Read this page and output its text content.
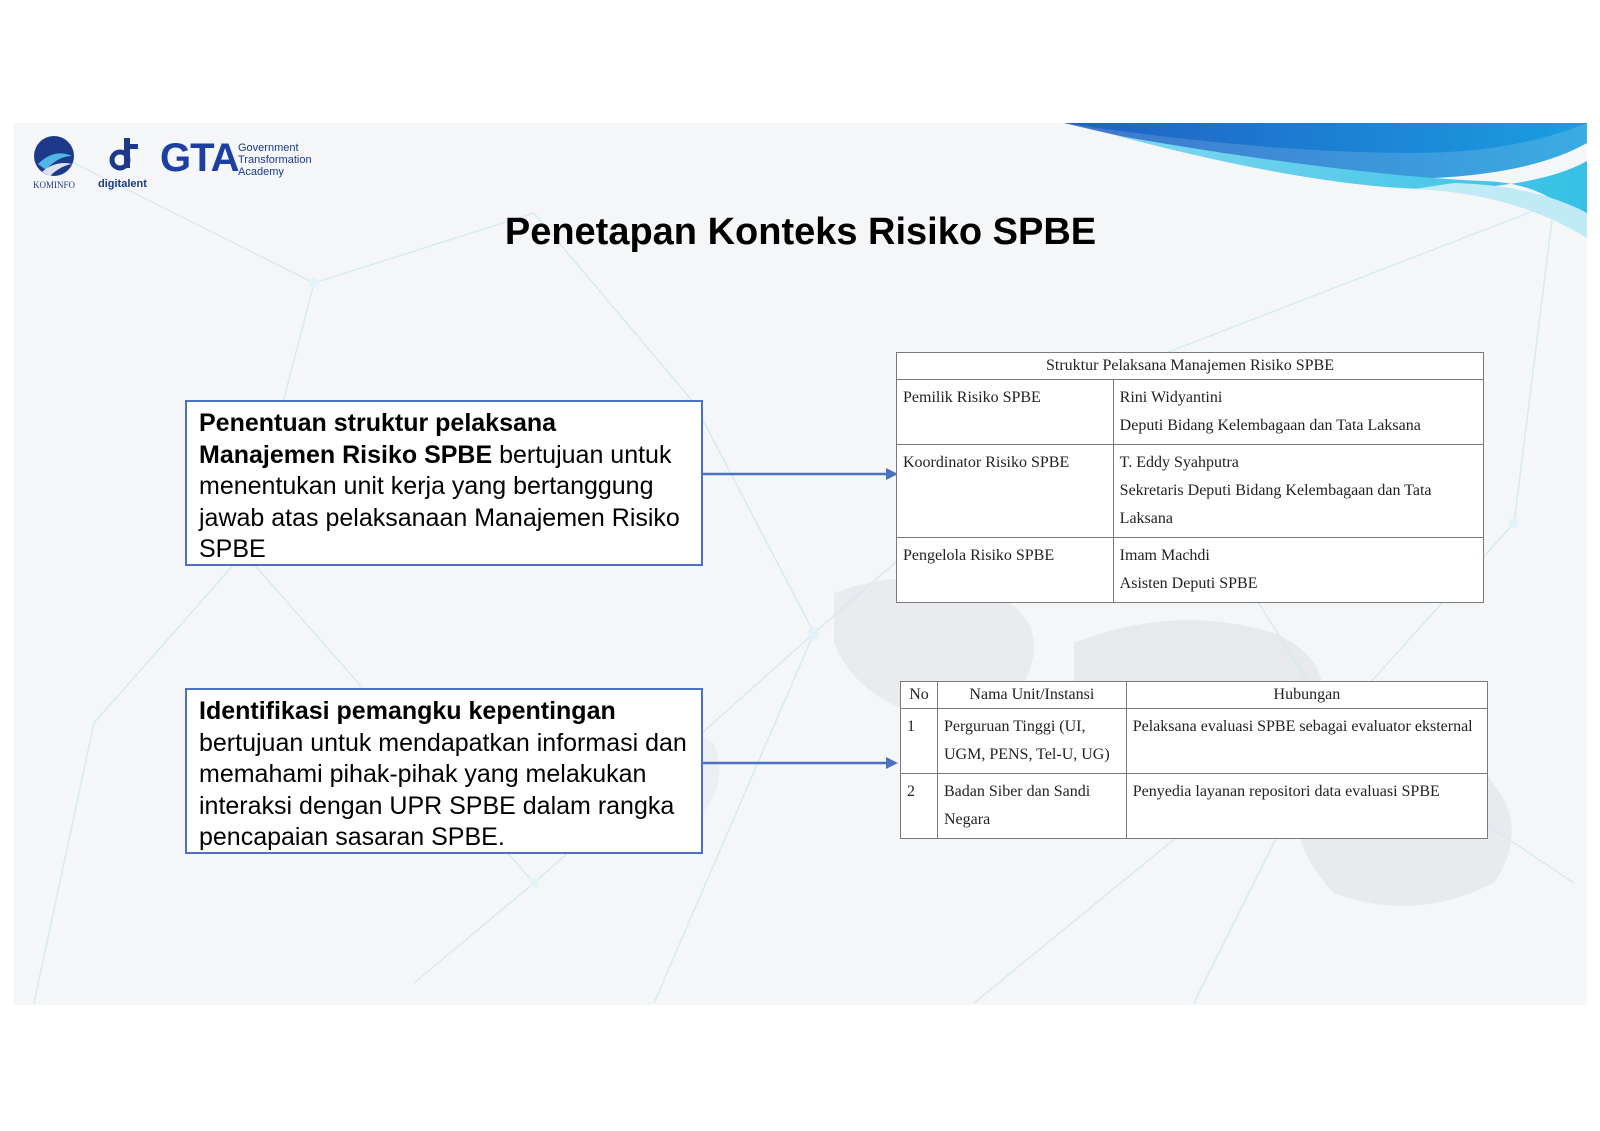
KOMINFO	digitalent
GTA Government
Transformation
Academy
Penetapan Konteks Risiko SPBE
Penentuan struktur pelaksana Manajemen Risiko SPBE bertujuan untuk menentukan unit kerja yang bertanggung jawab atas pelaksanaan Manajemen Risiko SPBE
Identifikasi pemangku kepentingan bertujuan untuk mendapatkan informasi dan memahami pihak-pihak yang melakukan interaksi dengan UPR SPBE dalam rangka pencapaian sasaran SPBE.
Struktur Pelaksana Manajemen Risiko SPBE	
Pemilik Risiko SPBE	Rini Widyantini
Deputi Bidang Kelembagaan dan Tata Laksana

Koordinator Risiko SPBE	T. Eddy Syahputra
Sekretaris Deputi Bidang Kelembagaan dan Tata Laksana

Pengelola Risiko SPBE	Imam Machdi
Asisten Deputi SPBE
No	Nama Unit/Instansi	Hubungan
1	Perguruan Tinggi (UI, UGM, PENS, Tel-U, UG)	Pelaksana evaluasi SPBE sebagai evaluator eksternal
2	Badan Siber dan Sandi Negara	Penyedia layanan repositori data evaluasi SPBE
